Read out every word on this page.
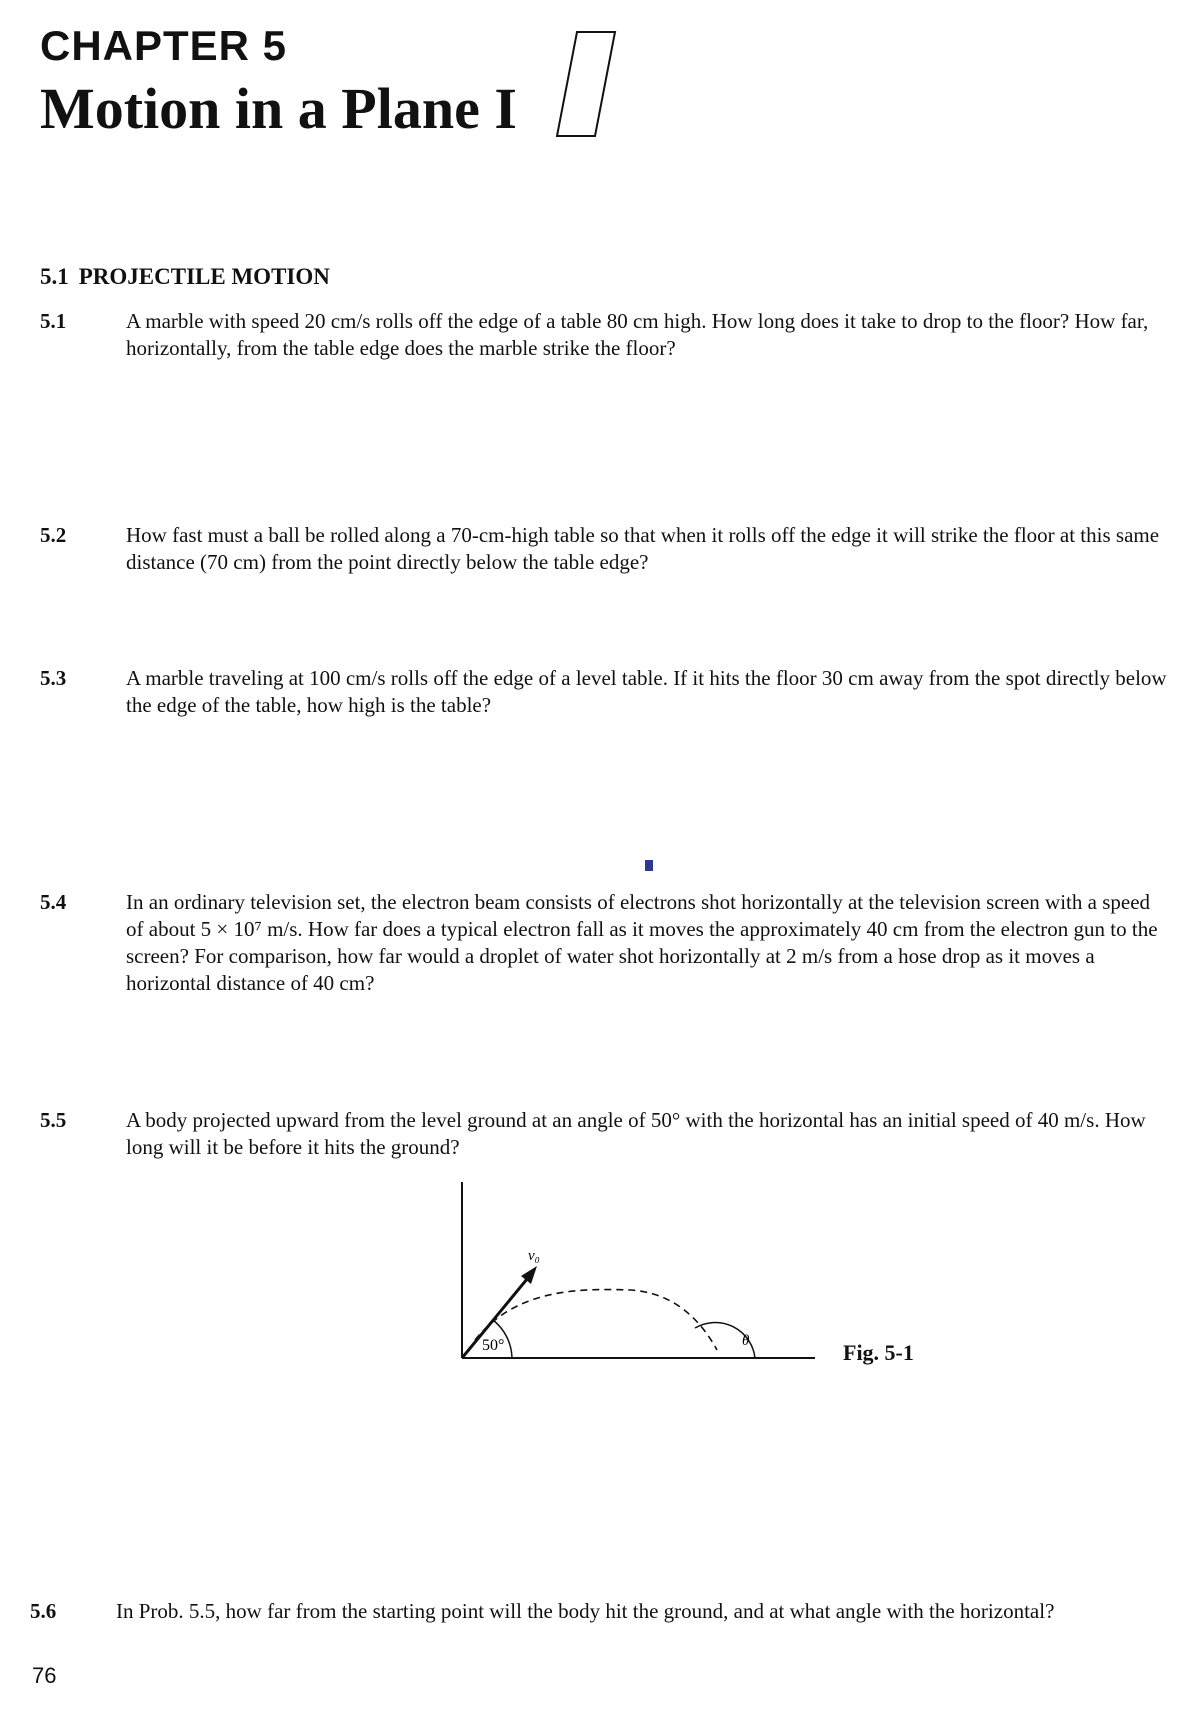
CHAPTER 5
Motion in a Plane I
5.1 PROJECTILE MOTION
5.1	A marble with speed 20 cm/s rolls off the edge of a table 80 cm high. How long does it take to drop to the floor? How far, horizontally, from the table edge does the marble strike the floor?
5.2	How fast must a ball be rolled along a 70-cm-high table so that when it rolls off the edge it will strike the floor at this same distance (70 cm) from the point directly below the table edge?
5.3	A marble traveling at 100 cm/s rolls off the edge of a level table. If it hits the floor 30 cm away from the spot directly below the edge of the table, how high is the table?
5.4	In an ordinary television set, the electron beam consists of electrons shot horizontally at the television screen with a speed of about 5 × 10⁷ m/s. How far does a typical electron fall as it moves the approximately 40 cm from the electron gun to the screen? For comparison, how far would a droplet of water shot horizontally at 2 m/s from a hose drop as it moves a horizontal distance of 40 cm?
5.5	A body projected upward from the level ground at an angle of 50° with the horizontal has an initial speed of 40 m/s. How long will it be before it hits the ground?
v₀
50°	θ	Fig. 5-1
5.6	In Prob. 5.5, how far from the starting point will the body hit the ground, and at what angle with the horizontal?
76
